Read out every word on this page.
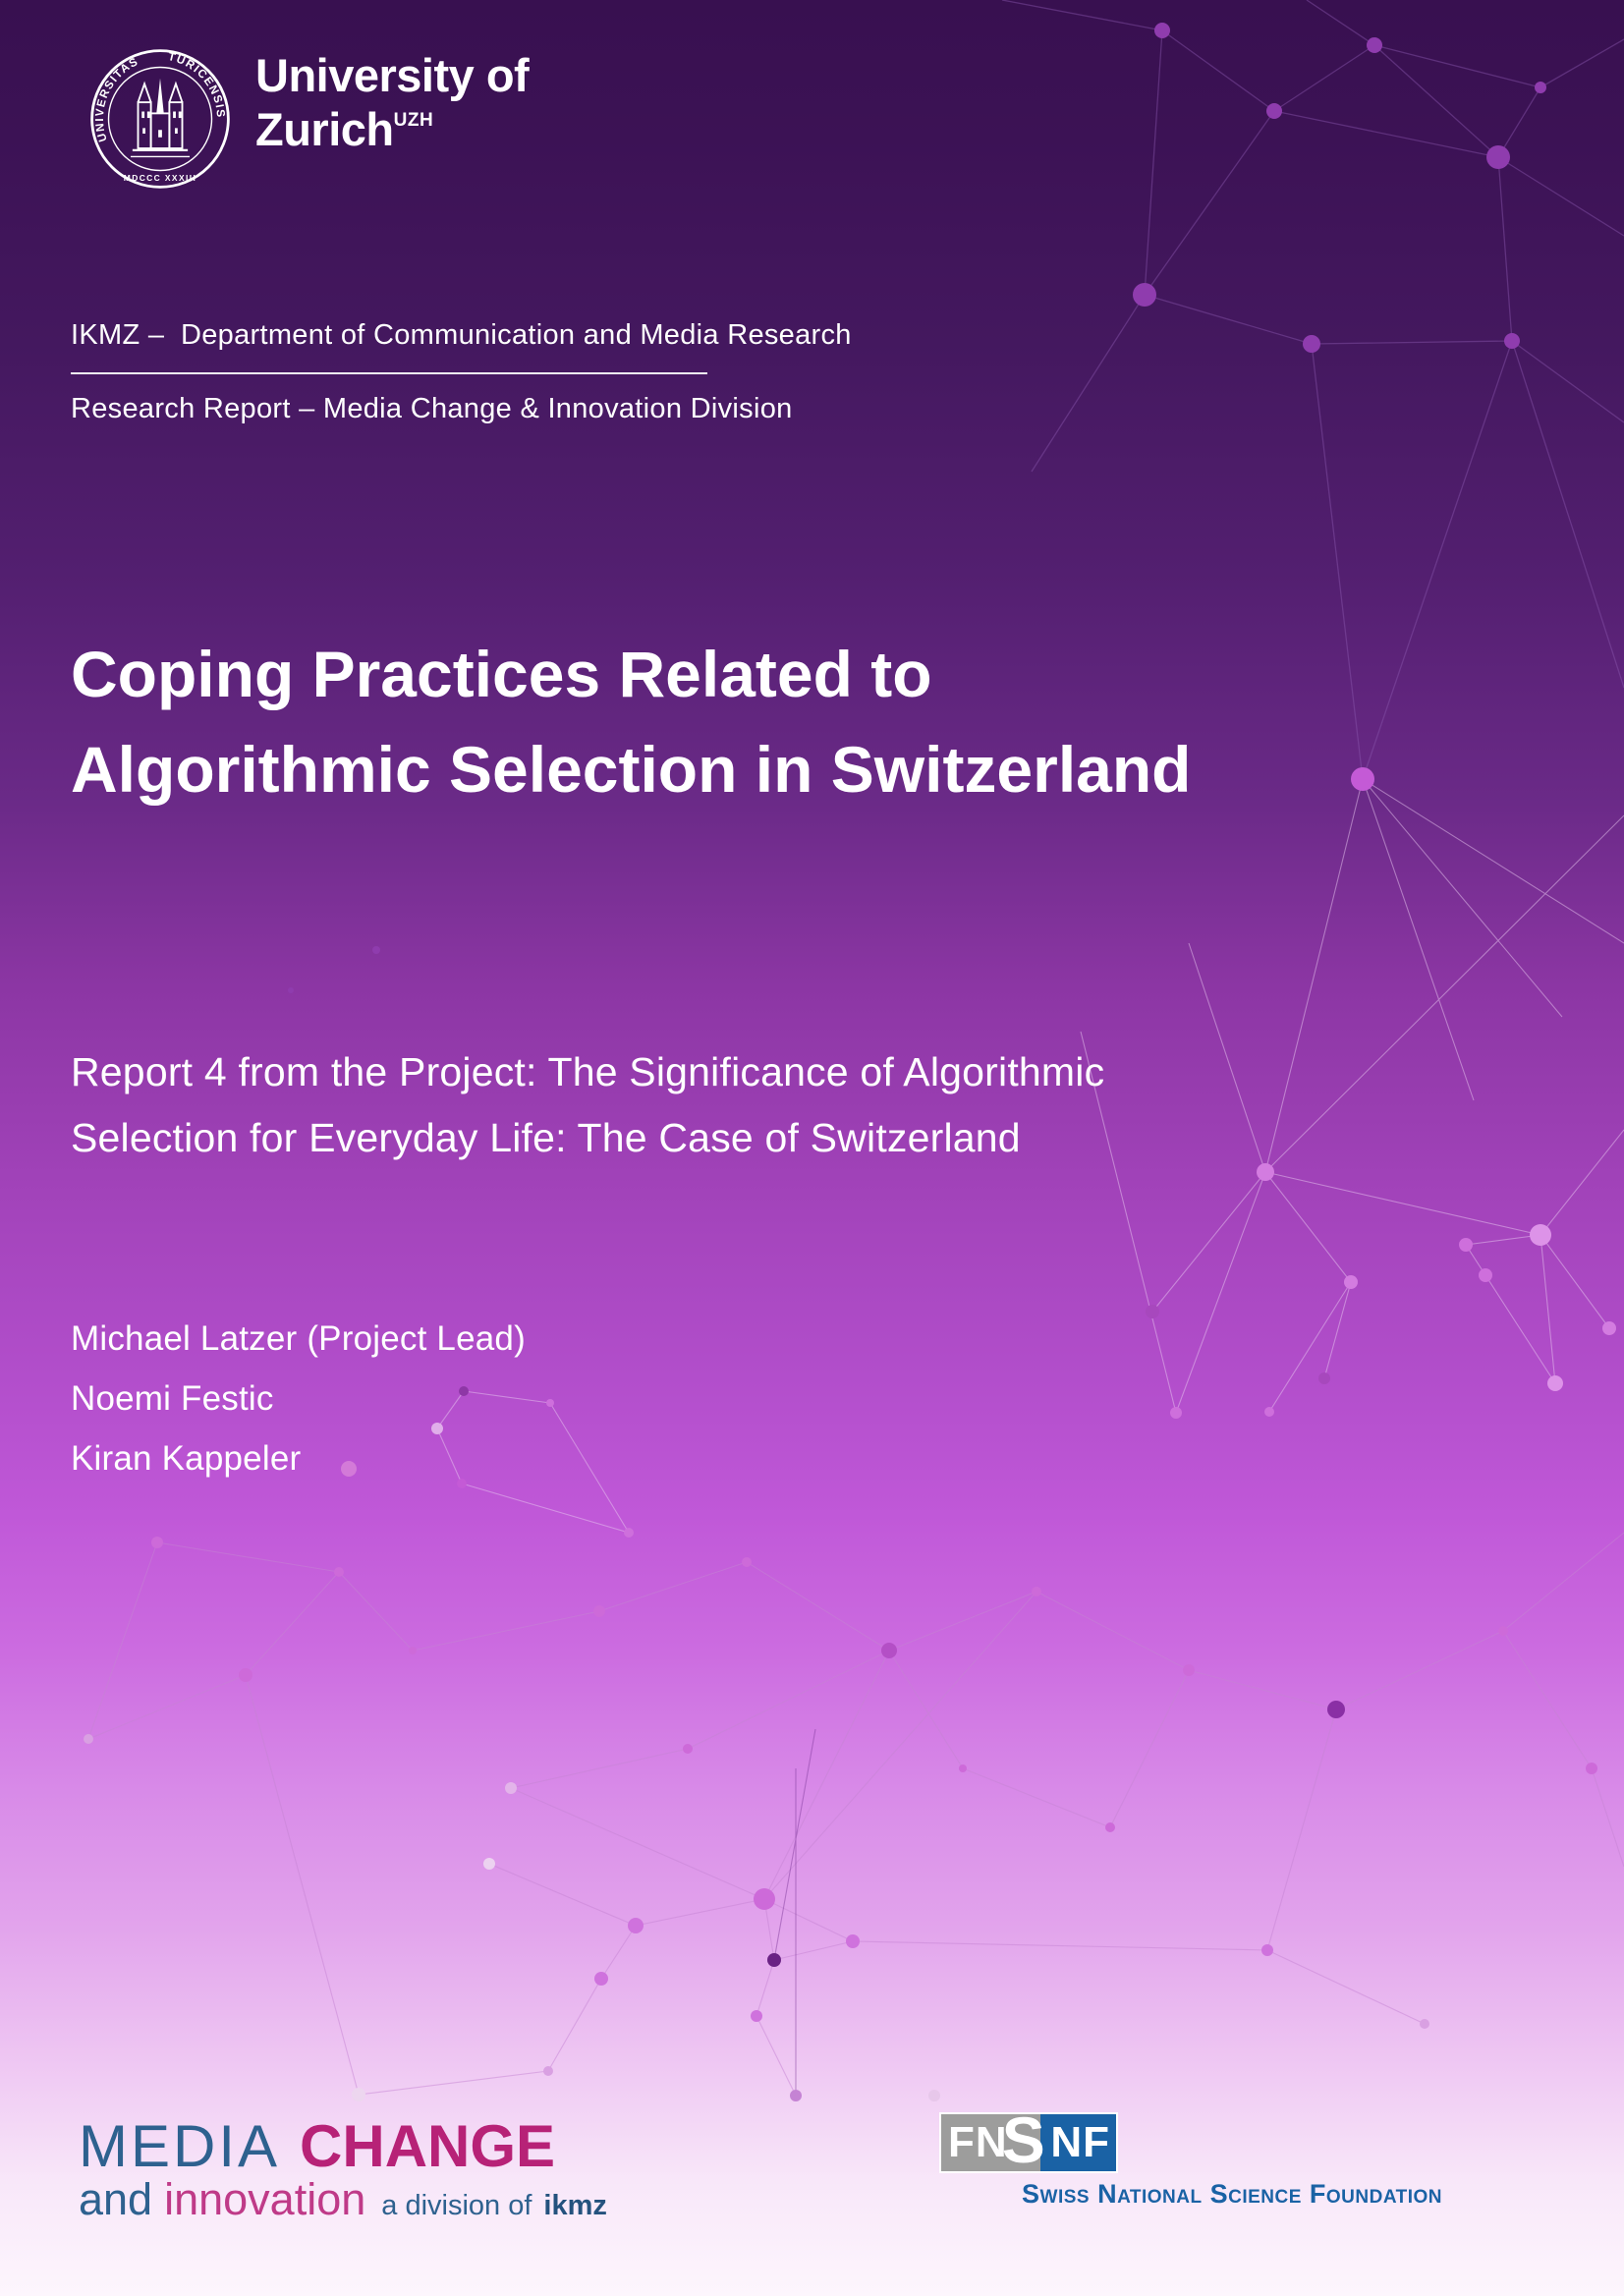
UNIVERSITAS TURICENSIS
MDCCC XXXIII
University of
Zurich$^{UZH}$
IKMZ –  Department of Communication and Media Research
Research Report – Media Change & Innovation Division
Coping Practices Related to
Algorithmic Selection in Switzerland
Report 4 from the Project: The Significance of Algorithmic
Selection for Everyday Life: The Case of Switzerland
Michael Latzer (Project Lead)
Noemi Festic
Kiran Kappeler
MEDIA CHANGE
and innovation a division of ikmz
FN NF
S
Swiss National Science Foundation
